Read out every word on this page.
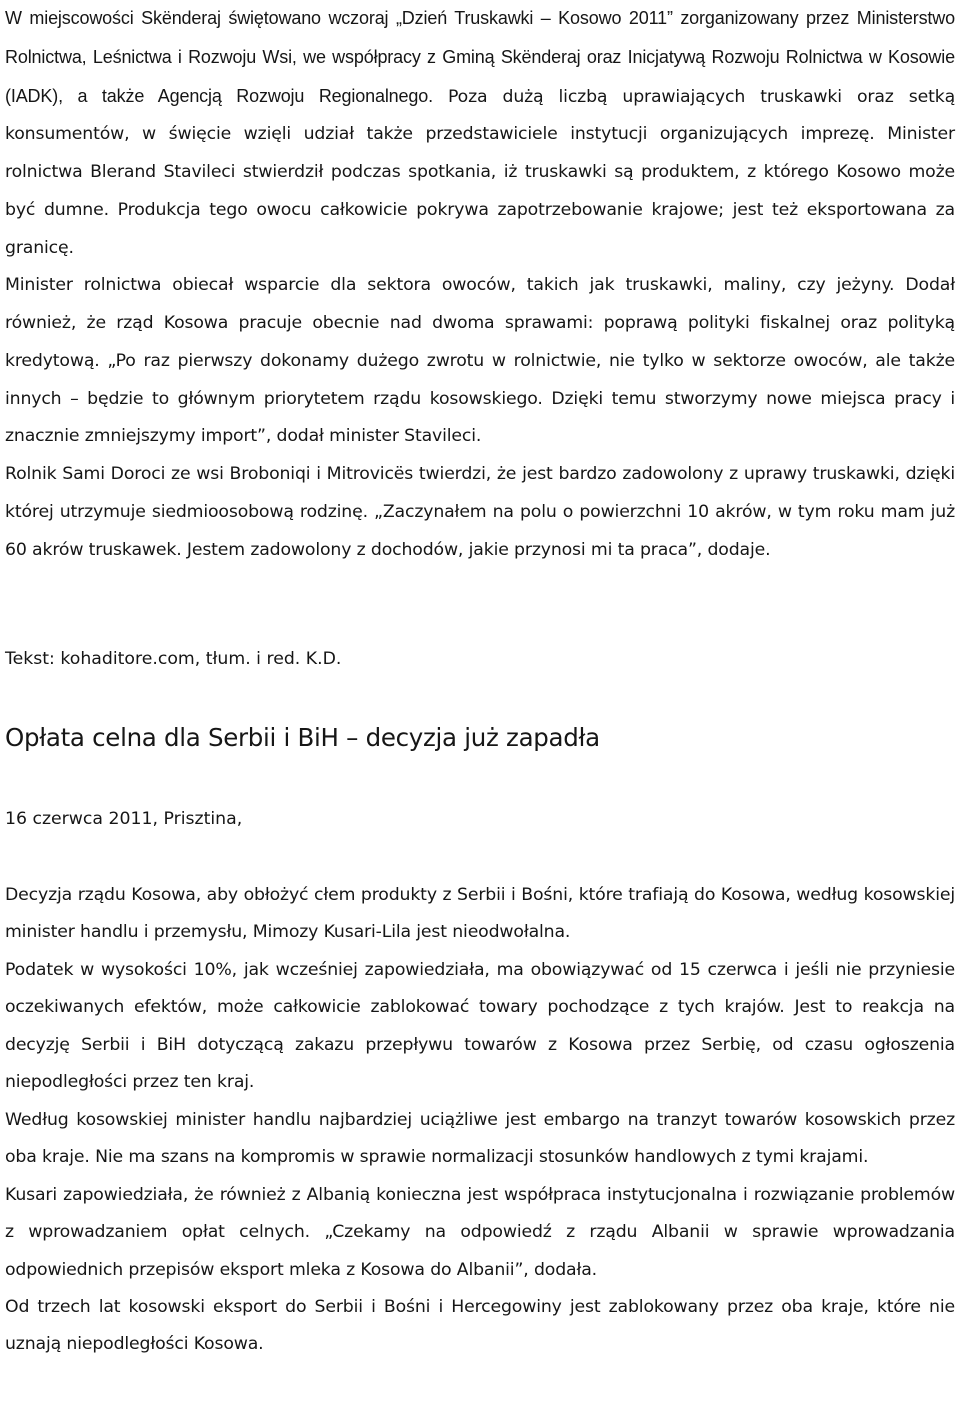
W miejscowości Skënderaj świętowano wczoraj „Dzień Truskawki – Kosowo 2011” zorganizowany przez Ministerstwo Rolnictwa, Leśnictwa i Rozwoju Wsi, we współpracy z Gminą Skënderaj oraz Inicjatywą Rozwoju Rolnictwa w Kosowie (IADK), a także Agencją Rozwoju Regionalnego. Poza dużą liczbą uprawiających truskawki oraz setką konsumentów, w święcie wzięli udział także przedstawiciele instytucji organizujących imprezę. Minister rolnictwa Blerand Stavileci stwierdził podczas spotkania, iż truskawki są produktem, z którego Kosowo może być dumne. Produkcja tego owocu całkowicie pokrywa zapotrzebowanie krajowe; jest też eksportowana za granicę.

Minister rolnictwa obiecał wsparcie dla sektora owoców, takich jak truskawki, maliny, czy jeżyny. Dodał również, że rząd Kosowa pracuje obecnie nad dwoma sprawami: poprawą polityki fiskalnej oraz polityką kredytową. „Po raz pierwszy dokonamy dużego zwrotu w rolnictwie, nie tylko w sektorze owoców, ale także innych – będzie to głównym priorytetem rządu kosowskiego. Dzięki temu stworzymy nowe miejsca pracy i znacznie zmniejszymy import”, dodał minister Stavileci.

Rolnik Sami Doroci ze wsi Broboniqi i Mitrovicës twierdzi, że jest bardzo zadowolony z uprawy truskawki, dzięki której utrzymuje siedmioosobową rodzinę. „Zaczynałem na polu o powierzchni 10 akrów, w tym roku mam już 60 akrów truskawek. Jestem zadowolony z dochodów, jakie przynosi mi ta praca”, dodaje.

Tekst: kohaditore.com, tłum. i red. K.D.
Opłata celna dla Serbii i BiH – decyzja już zapadła
16 czerwca 2011, Prisztina,

Decyzja rządu Kosowa, aby obłożyć cłem produkty z Serbii i Bośni, które trafiają do Kosowa, według kosowskiej minister handlu i przemysłu, Mimozy Kusari-Lila jest nieodwołalna.

Podatek w wysokości 10%, jak wcześniej zapowiedziała, ma obowiązywać od 15 czerwca i jeśli nie przyniesie oczekiwanych efektów, może całkowicie zablokować towary pochodzące z tych krajów. Jest to reakcja na decyzję Serbii i BiH dotyczącą zakazu przepływu towarów z Kosowa przez Serbię, od czasu ogłoszenia niepodległości przez ten kraj.

Według kosowskiej minister handlu najbardziej uciążliwe jest embargo na tranzyt towarów kosowskich przez oba kraje. Nie ma szans na kompromis w sprawie normalizacji stosunków handlowych z tymi krajami.

Kusari zapowiedziała, że również z Albanią konieczna jest współpraca instytucjonalna i rozwiązanie problemów z wprowadzaniem opłat celnych. „Czekamy na odpowiedź z rządu Albanii w sprawie wprowadzania odpowiednich przepisów eksport mleka z Kosowa do Albanii”, dodała.

Od trzech lat kosowski eksport do Serbii i Bośni i Hercegowiny jest zablokowany przez oba kraje, które nie uznają niepodległości Kosowa.
